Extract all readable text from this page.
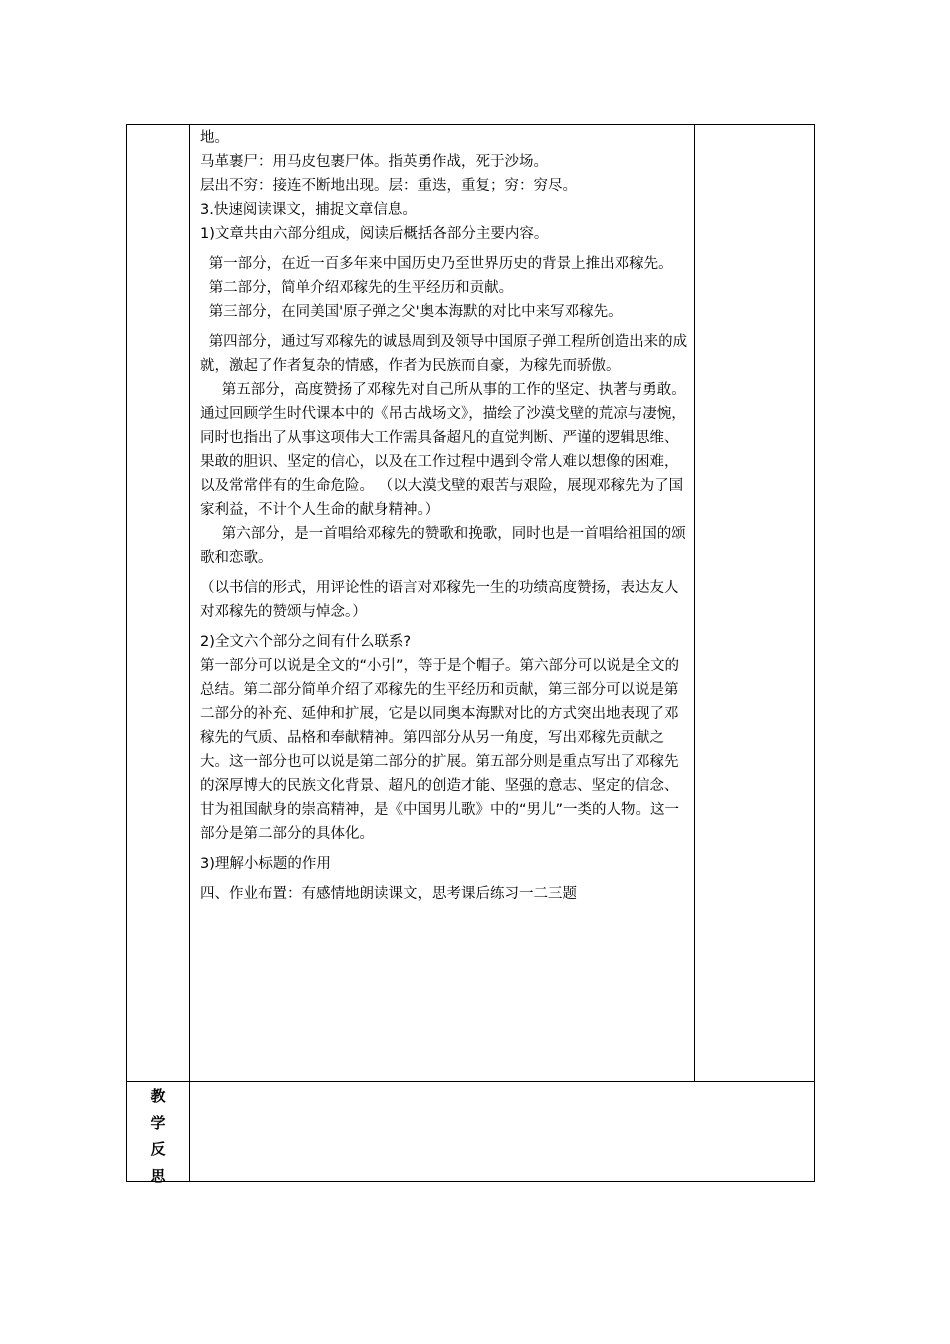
地。

马革裹尸：用马皮包裹尸体。指英勇作战，死于沙场。

层出不穷：接连不断地出现。层：重迭，重复；穷：穷尽。

3.快速阅读课文，捕捉文章信息。

1)文章共由六部分组成，阅读后概括各部分主要内容。

第一部分，在近一百多年来中国历史乃至世界历史的背景上推出邓稼先。

第二部分，简单介绍邓稼先的生平经历和贡献。

第三部分，在同美国'原子弹之父'奥本海默的对比中来写邓稼先。

第四部分，通过写邓稼先的诚恳周到及领导中国原子弹工程所创造出来的成就，激起了作者复杂的情感，作者为民族而自豪，为稼先而骄傲。

第五部分，高度赞扬了邓稼先对自己所从事的工作的坚定、执著与勇敢。通过回顾学生时代课本中的《吊古战场文》，描绘了沙漠戈壁的荒凉与凄惋，同时也指出了从事这项伟大工作需具备超凡的直觉判断、严谨的逻辑思维、果敢的胆识、坚定的信心，以及在工作过程中遇到令常人难以想像的困难，以及常常伴有的生命危险。 （以大漠戈壁的艰苦与艰险，展现邓稼先为了国家利益，不计个人生命的献身精神。）

第六部分，是一首唱给邓稼先的赞歌和挽歌，同时也是一首唱给祖国的颂歌和恋歌。

（以书信的形式，用评论性的语言对邓稼先一生的功绩高度赞扬，表达友人对邓稼先的赞颂与悼念。）

2)全文六个部分之间有什么联系?

第一部分可以说是全文的“小引”，等于是个帽子。第六部分可以说是全文的总结。第二部分简单介绍了邓稼先的生平经历和贡献，第三部分可以说是第二部分的补充、延伸和扩展，它是以同奥本海默对比的方式突出地表现了邓稼先的气质、品格和奉献精神。第四部分从另一角度，写出邓稼先贡献之大。这一部分也可以说是第二部分的扩展。第五部分则是重点写出了邓稼先的深厚博大的民族文化背景、超凡的创造才能、坚强的意志、坚定的信念、甘为祖国献身的崇高精神，是《中国男儿歌》中的“男儿”一类的人物。这一部分是第二部分的具体化。

3)理解小标题的作用

四、作业布置：有感情地朗读课文，思考课后练习一二三题

教
学
反
思
